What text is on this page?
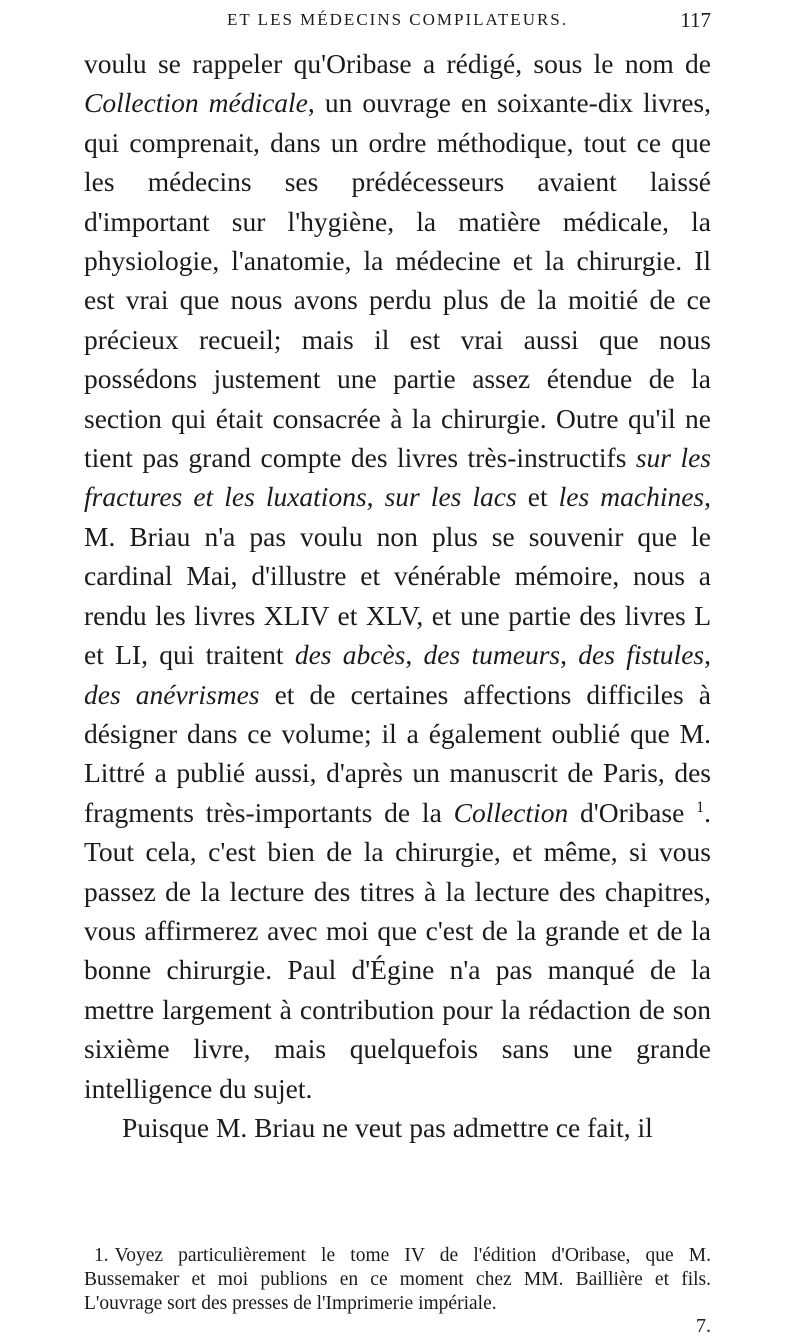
ET LES MÉDECINS COMPILATEURS.	117

voulu se rappeler qu'Oribase a rédigé, sous le nom de Collection médicale, un ouvrage en soixante-dix livres, qui comprenait, dans un ordre méthodique, tout ce que les médecins ses prédécesseurs avaient laissé d'important sur l'hygiène, la matière médicale, la physiologie, l'anatomie, la médecine et la chirurgie. Il est vrai que nous avons perdu plus de la moitié de ce précieux recueil; mais il est vrai aussi que nous possédons justement une partie assez étendue de la section qui était consacrée à la chirurgie. Outre qu'il ne tient pas grand compte des livres très-instructifs sur les fractures et les luxations, sur les lacs et les machines, M. Briau n'a pas voulu non plus se souvenir que le cardinal Mai, d'illustre et vénérable mémoire, nous a rendu les livres XLIV et XLV, et une partie des livres L et LI, qui traitent des abcès, des tumeurs, des fistules, des anévrismes et de certaines affections difficiles à désigner dans ce volume; il a également oublié que M. Littré a publié aussi, d'après un manuscrit de Paris, des fragments très-importants de la Collection d'Oribase $^1$. Tout cela, c'est bien de la chirurgie, et même, si vous passez de la lecture des titres à la lecture des chapitres, vous affirmerez avec moi que c'est de la grande et de la bonne chirurgie. Paul d'Égine n'a pas manqué de la mettre largement à contribution pour la rédaction de son sixième livre, mais quelquefois sans une grande intelligence du sujet.

Puisque M. Briau ne veut pas admettre ce fait, il

1. Voyez particulièrement le tome IV de l'édition d'Oribase, que M. Bussemaker et moi publions en ce moment chez MM. Baillière et fils. L'ouvrage sort des presses de l'Imprimerie impériale.
7.
